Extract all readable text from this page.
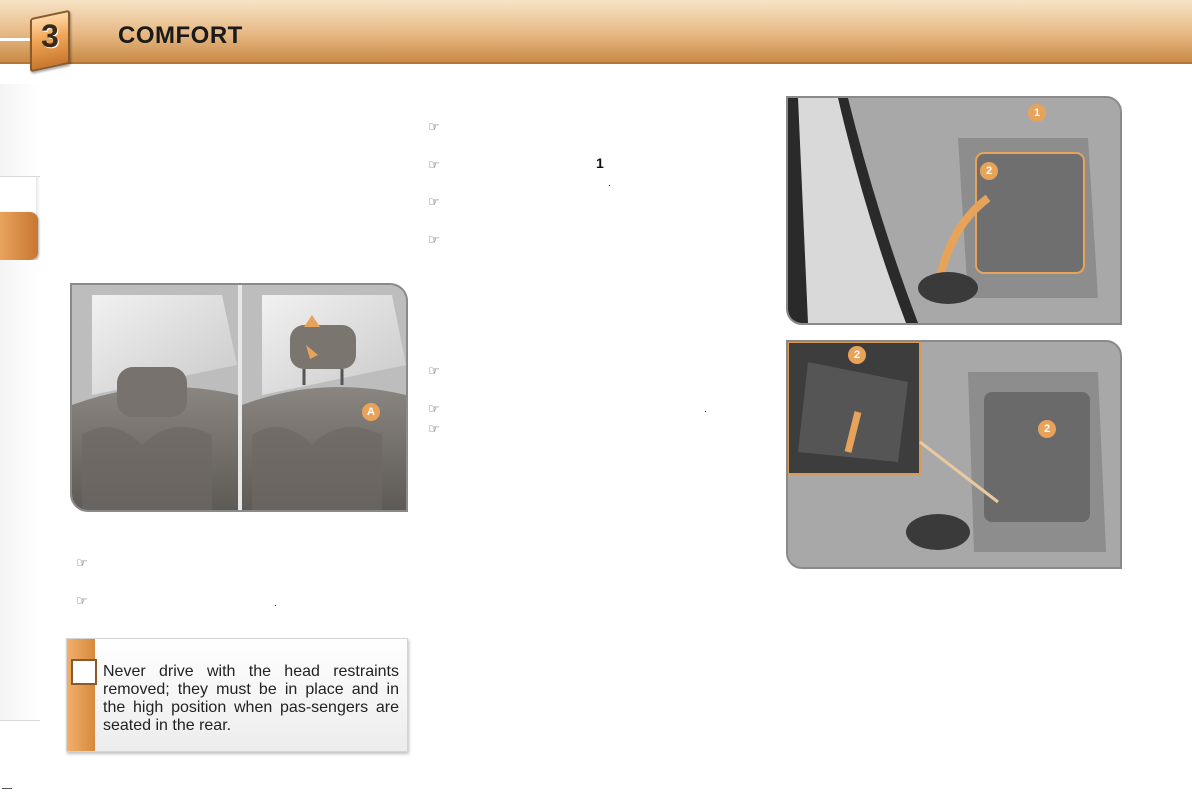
3	COMFORT
A
1
2
2
2
☞
☞	1
.
☞
☞
☞
☞	.
☞
☞
☞	.
Never drive with the head restraints removed; they must be in place and in the high position when pas-sengers are seated in the rear.
